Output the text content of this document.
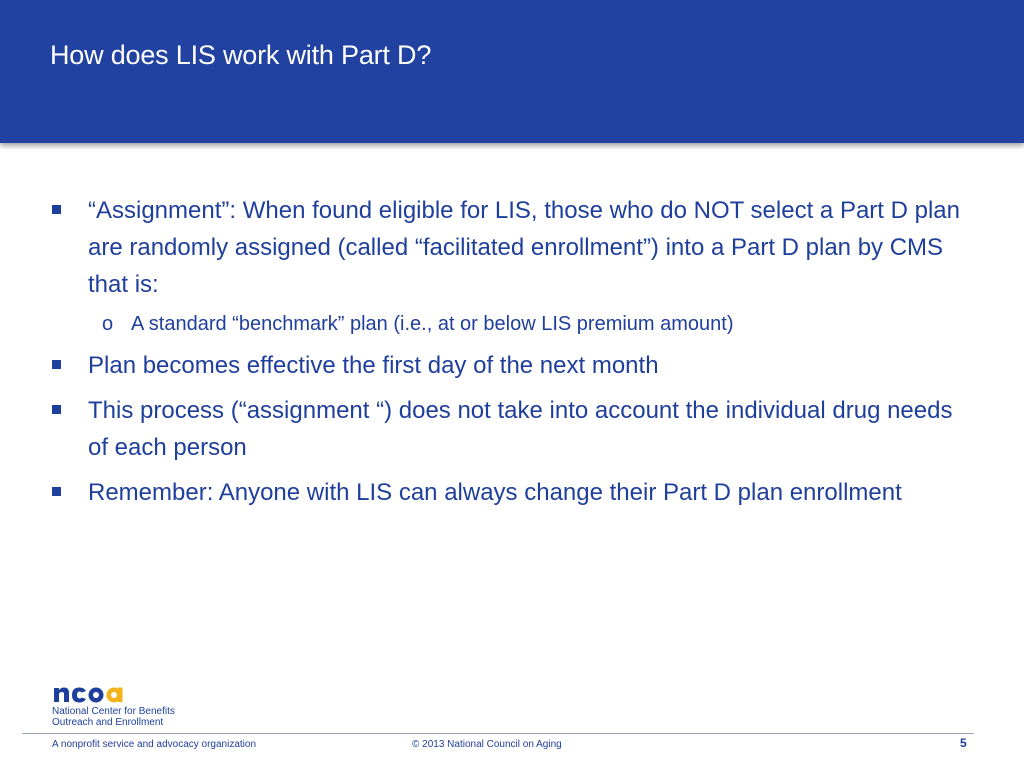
How does LIS work with Part D?
“Assignment”: When found eligible for LIS, those who do NOT select a Part D plan are randomly assigned (called “facilitated enrollment”) into a Part D plan by CMS that is:
o A standard “benchmark” plan (i.e., at or below LIS premium amount)
Plan becomes effective the first day of the next month
This process (“assignment “) does not take into account the individual drug needs of each person
Remember: Anyone with LIS can always change their Part D plan enrollment
National Center for Benefits
Outreach and Enrollment
A nonprofit service and advocacy organization	© 2013 National Council on Aging	5
